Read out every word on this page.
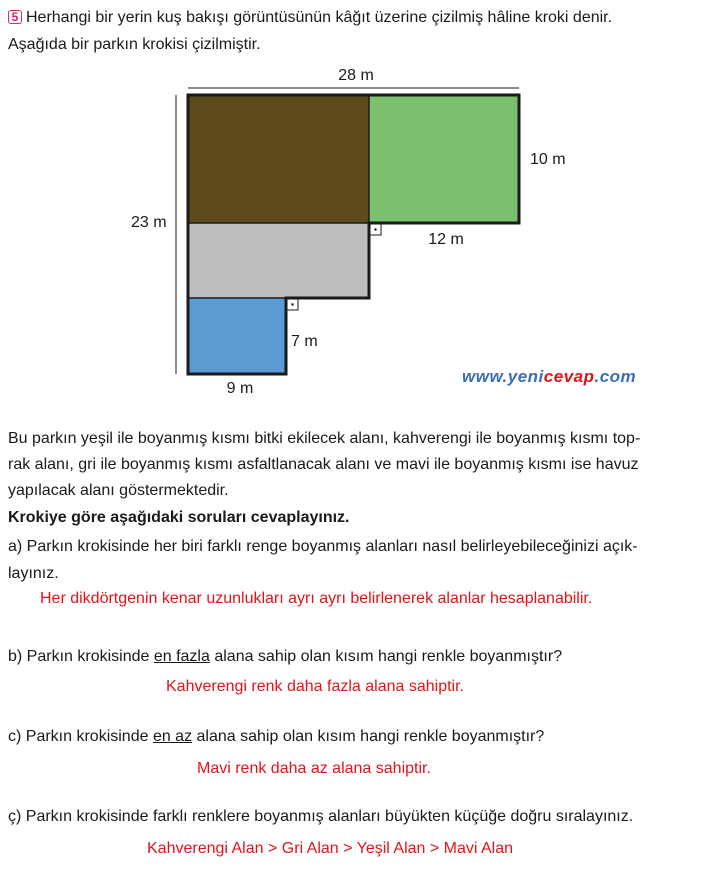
5 Herhangi bir yerin kuş bakışı görüntüsünün kâğıt üzerine çizilmiş hâline kroki denir.
Aşağıda bir parkın krokisi çizilmiştir.
28 m
10 m
23 m
12 m
7 m
9 m
www.yenicevap.com
Bu parkın yeşil ile boyanmış kısmı bitki ekilecek alanı, kahverengi ile boyanmış kısmı top-
rak alanı, gri ile boyanmış kısmı asfaltlanacak alanı ve mavi ile boyanmış kısmı ise havuz
yapılacak alanı göstermektedir.
Krokiye göre aşağıdaki soruları cevaplayınız.
a) Parkın krokisinde her biri farklı renge boyanmış alanları nasıl belirleyebileceğinizi açık-
layınız.
Her dikdörtgenin kenar uzunlukları ayrı ayrı belirlenerek alanlar hesaplanabilir.
b) Parkın krokisinde en fazla alana sahip olan kısım hangi renkle boyanmıştır?
Kahverengi renk daha fazla alana sahiptir.
c) Parkın krokisinde en az alana sahip olan kısım hangi renkle boyanmıştır?
Mavi renk daha az alana sahiptir.
ç) Parkın krokisinde farklı renklere boyanmış alanları büyükten küçüğe doğru sıralayınız.
Kahverengi Alan > Gri Alan > Yeşil Alan > Mavi Alan
